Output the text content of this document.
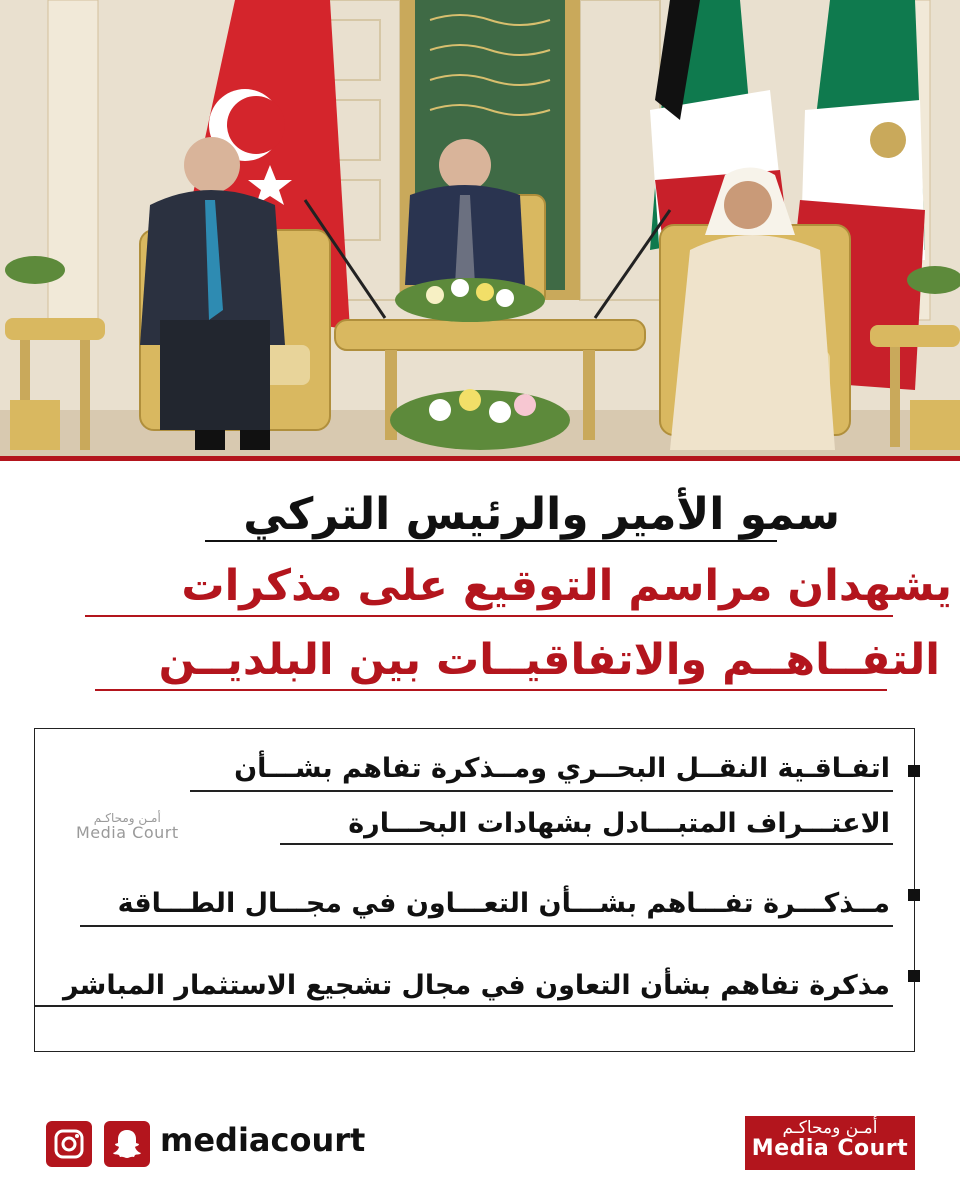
سمو الأمير والرئيس التركي
يشهدان مراسم التوقيع على مذكرات
التفــاهــم والاتفاقيــات بين البلديــن
اتفـاقـية النقــل البحــري ومــذكرة تفاهم بشـــأن
الاعتـــراف المتبـــادل بشهادات البحـــارة
مــذكـــرة تفـــاهم بشـــأن التعـــاون في مجـــال الطـــاقة
مذكرة تفاهم بشأن التعاون في مجال تشجيع الاستثمار المباشر
أمـن ومحاكـم
Media Court
mediacourt	أمـن ومحاكـم
Media Court
